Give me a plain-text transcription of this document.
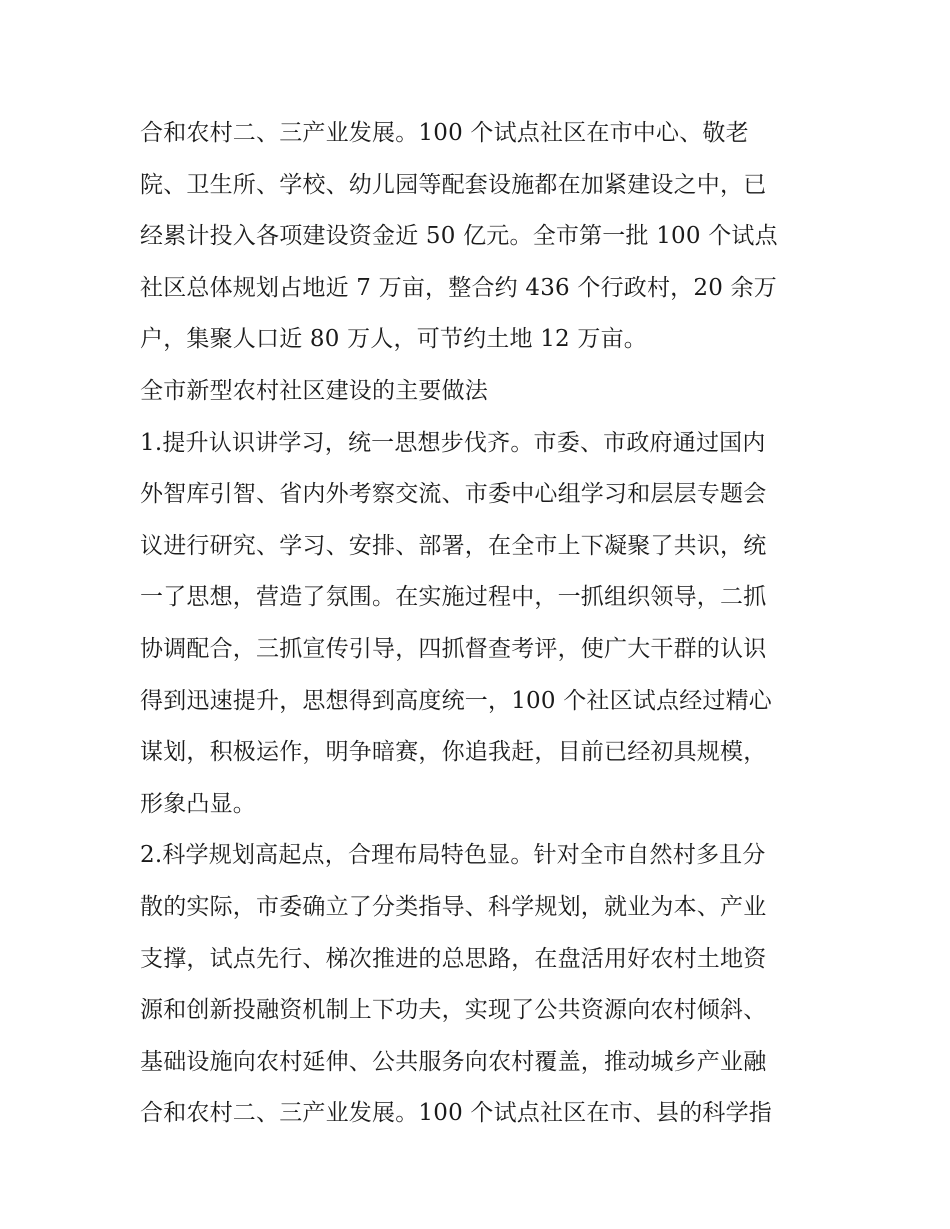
合和农村二、三产业发展。100 个试点社区在市中心、敬老
院、卫生所、学校、幼儿园等配套设施都在加紧建设之中，已
经累计投入各项建设资金近 50 亿元。全市第一批 100 个试点
社区总体规划占地近 7 万亩，整合约 436 个行政村，20 余万
户，集聚人口近 80 万人，可节约土地 12 万亩。
全市新型农村社区建设的主要做法
1.提升认识讲学习，统一思想步伐齐。市委、市政府通过国内
外智库引智、省内外考察交流、市委中心组学习和层层专题会
议进行研究、学习、安排、部署，在全市上下凝聚了共识，统
一了思想，营造了氛围。在实施过程中，一抓组织领导，二抓
协调配合，三抓宣传引导，四抓督查考评，使广大干群的认识
得到迅速提升，思想得到高度统一，100 个社区试点经过精心
谋划，积极运作，明争暗赛，你追我赶，目前已经初具规模，
形象凸显。
2.科学规划高起点，合理布局特色显。针对全市自然村多且分
散的实际，市委确立了分类指导、科学规划，就业为本、产业
支撑，试点先行、梯次推进的总思路，在盘活用好农村土地资
源和创新投融资机制上下功夫，实现了公共资源向农村倾斜、
基础设施向农村延伸、公共服务向农村覆盖，推动城乡产业融
合和农村二、三产业发展。100 个试点社区在市、县的科学指
